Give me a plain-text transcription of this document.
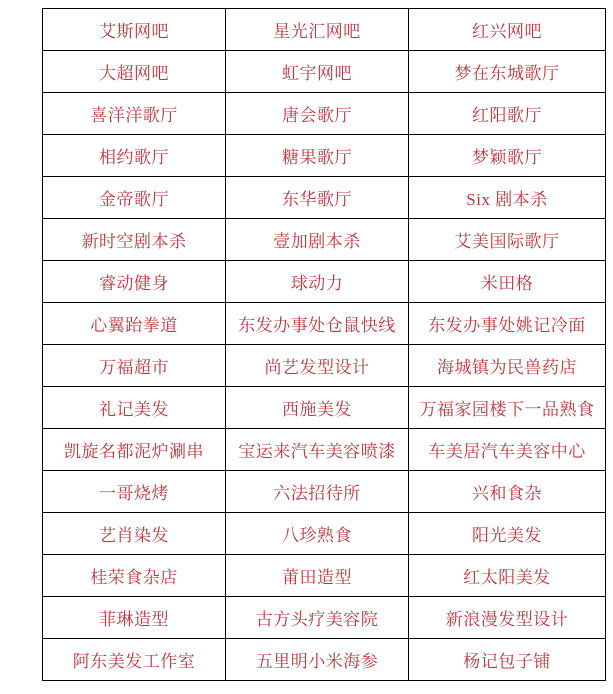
艾斯网吧	星光汇网吧	红兴网吧
大超网吧	虹宇网吧	梦在东城歌厅
喜洋洋歌厅	唐会歌厅	红阳歌厅
相约歌厅	糖果歌厅	梦颖歌厅
金帝歌厅	东华歌厅	Six 剧本杀
新时空剧本杀	壹加剧本杀	艾美国际歌厅
睿动健身	球动力	米田格
心翼跆拳道	东发办事处仓鼠快线	东发办事处姚记冷面
万福超市	尚艺发型设计	海城镇为民兽药店
礼记美发	西施美发	万福家园楼下一品熟食
凯旋名都泥炉涮串	宝运来汽车美容喷漆	车美居汽车美容中心
一哥烧烤	六法招待所	兴和食杂
艺肖染发	八珍熟食	阳光美发
桂荣食杂店	莆田造型	红太阳美发
菲琳造型	古方头疗美容院	新浪漫发型设计
阿东美发工作室	五里明小米海参	杨记包子铺
